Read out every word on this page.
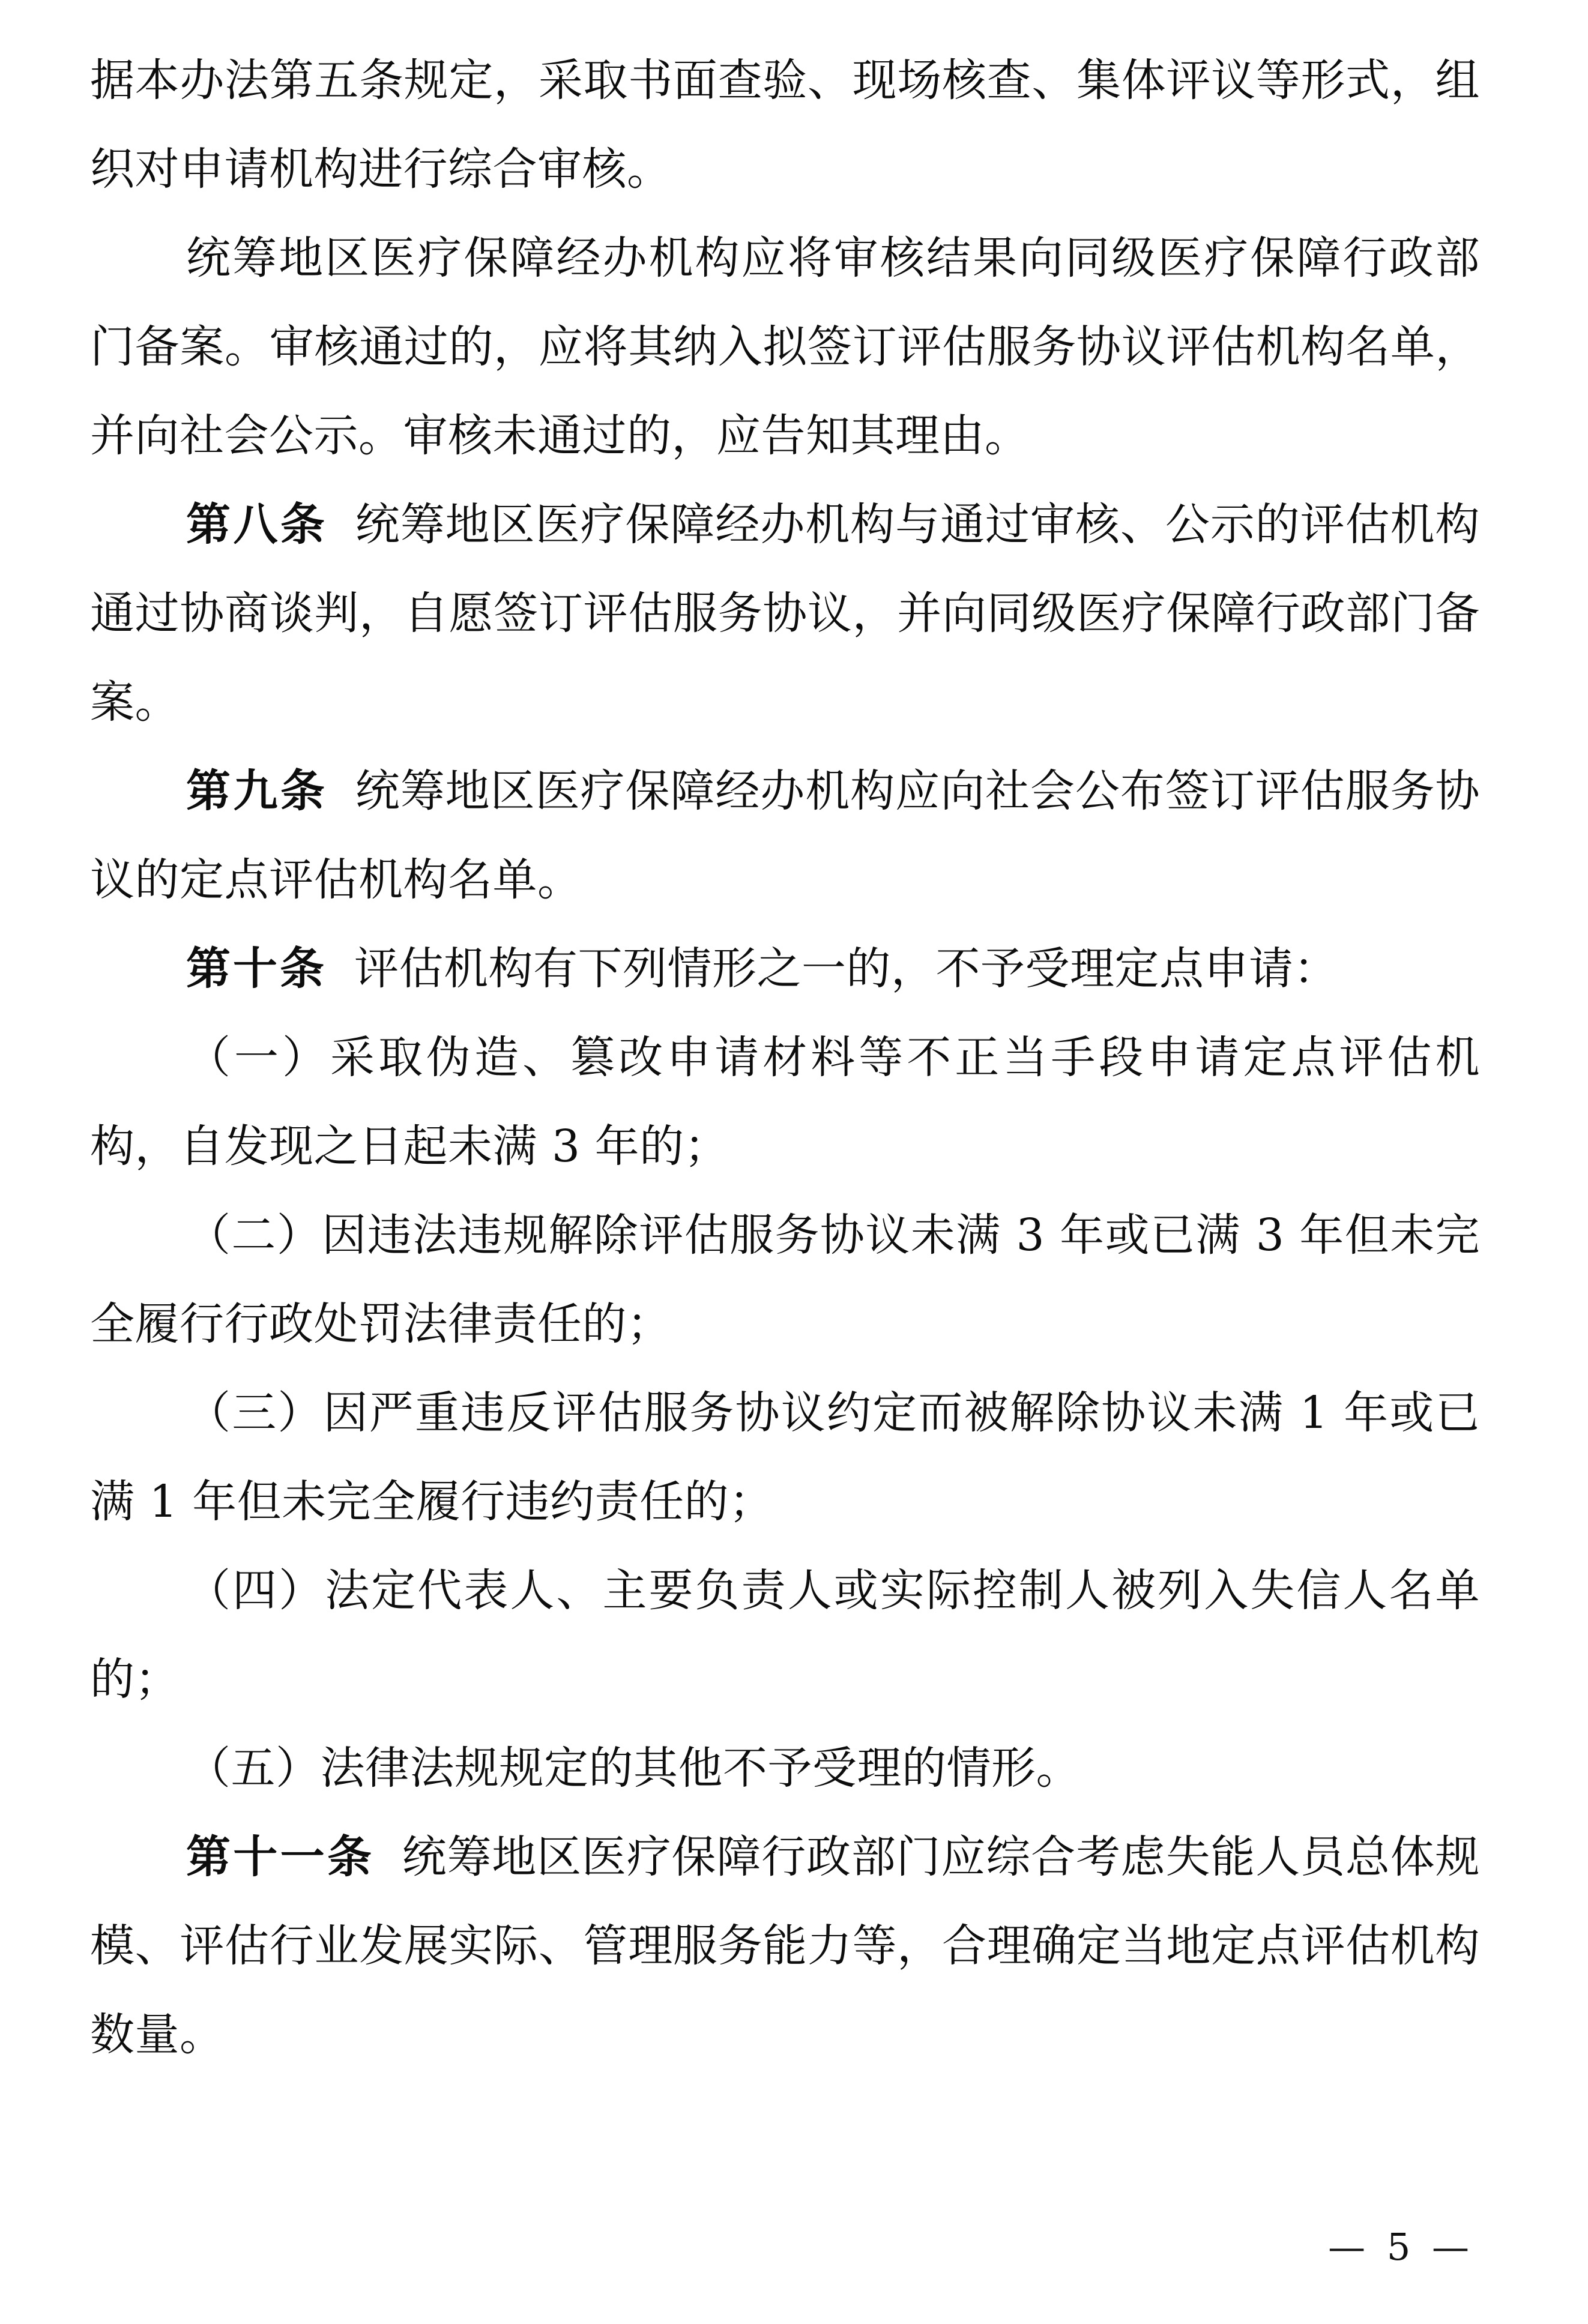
据本办法第五条规定，采取书面查验、现场核查、集体评议等形式，组织对申请机构进行综合审核。

统筹地区医疗保障经办机构应将审核结果向同级医疗保障行政部门备案。审核通过的，应将其纳入拟签订评估服务协议评估机构名单，并向社会公示。审核未通过的，应告知其理由。

第八条 统筹地区医疗保障经办机构与通过审核、公示的评估机构通过协商谈判，自愿签订评估服务协议，并向同级医疗保障行政部门备案。

第九条 统筹地区医疗保障经办机构应向社会公布签订评估服务协议的定点评估机构名单。

第十条 评估机构有下列情形之一的，不予受理定点申请：

（一）采取伪造、篡改申请材料等不正当手段申请定点评估机构，自发现之日起未满 3 年的；

（二）因违法违规解除评估服务协议未满 3 年或已满 3 年但未完全履行行政处罚法律责任的；

（三）因严重违反评估服务协议约定而被解除协议未满 1 年或已满 1 年但未完全履行违约责任的；

（四）法定代表人、主要负责人或实际控制人被列入失信人名单的；

（五）法律法规规定的其他不予受理的情形。

第十一条 统筹地区医疗保障行政部门应综合考虑失能人员总体规模、评估行业发展实际、管理服务能力等，合理确定当地定点评估机构数量。

— 5 —
